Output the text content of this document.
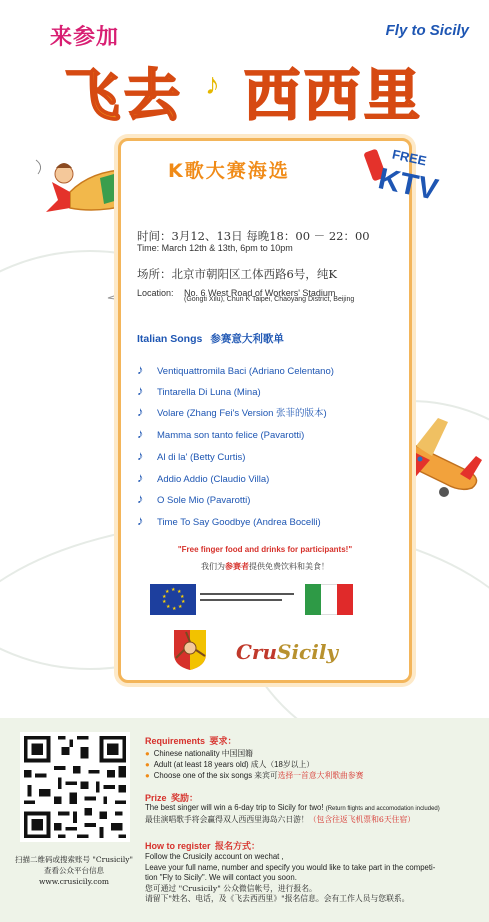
来参加	Fly to Sicily
飞去 西西里
♪
K歌大赛海选
FREE
KTV
时间：3月12、13日 每晚18：00 － 22：00
Time: March 12th & 13th, 6pm to 10pm
场所：北京市朝阳区工体西路6号，纯K
Location: No. 6 West Road of Workers' Stadium
(Gongti Xilu), Chun K Taipei, Chaoyang District, Beijing
Italian Songs 参赛意大利歌单
♪ Ventiquattromila Baci (Adriano Celentano)
♪ Tintarella Di Luna (Mina)
♪ Volare (Zhang Fei's Version 张菲的版本)
♪ Mamma son tanto felice (Pavarotti)
♪ Al di la' (Betty Curtis)
♪ Addio Addio (Claudio Villa)
♪ O Sole Mio (Pavarotti)
♪ Time To Say Goodbye (Andrea Bocelli)
"Free finger food and drinks for participants!"
我们为参赛者提供免费饮料和美食！
★ ★
★
★
★
★
★
★
★
★
CruSicily
扫描二维码或搜索账号 "Crusicily"
查看公众平台信息
www.crusicily.com
Requirements 要求：
● Chinese nationality 中国国籍
● Adult (at least 18 years old) 成人（18岁以上）
● Choose one of the six songs 来宾可选择一首意大利歌曲参赛
Prize 奖励：
The best singer will win a 6-day trip to Sicily for two! (Return flights and accomodation included)
最佳演唱歌手将会赢得双人西西里海岛六日游！（包含往返飞机票和6天住宿）
How to register 报名方式：
Follow the Crusicily account on wechat ,
Leave your full name, number and specify you would like to take part in the competi-
tion "Fly to Sicily". We will contact you soon.
您可通过 "Crusicily" 公众微信帐号，进行报名。
请留下"姓名、电话，及《飞去西西里》"报名信息。会有工作人员与您联系。
